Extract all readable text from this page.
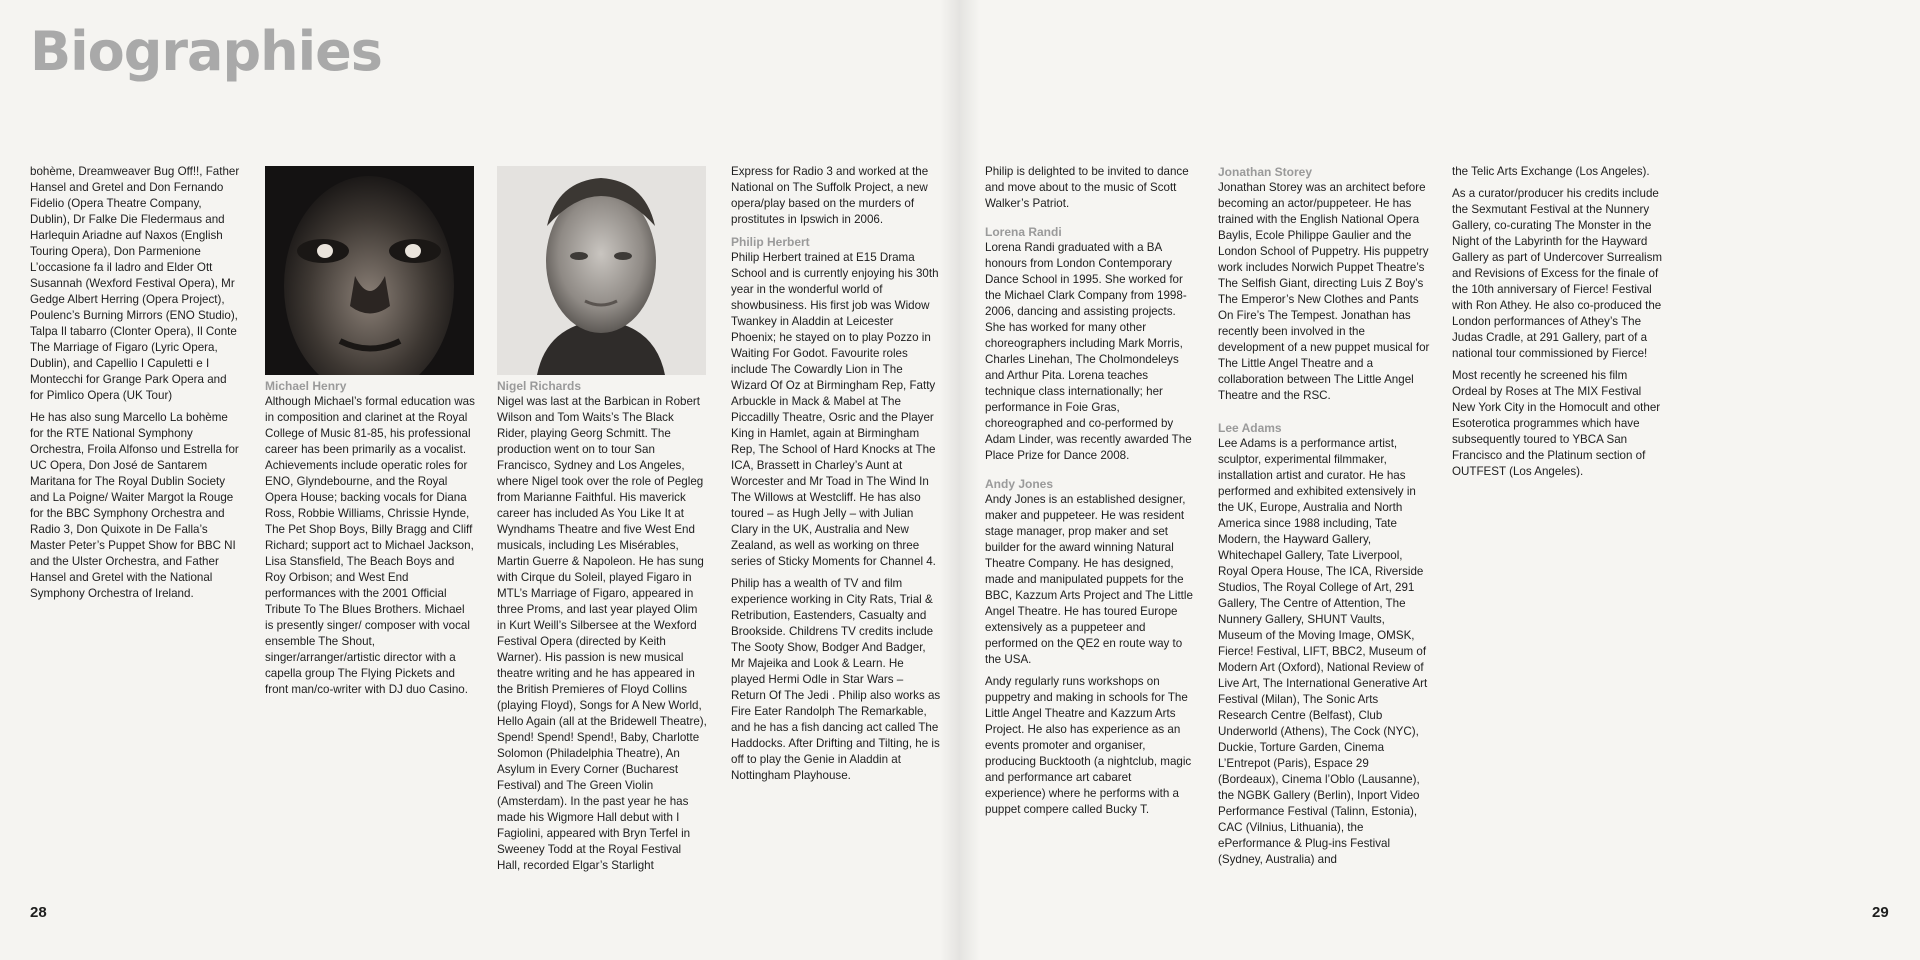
Biographies

bohème, Dreamweaver Bug Off!!, Father Hansel and Gretel and Don Fernando Fidelio (Opera Theatre Company, Dublin), Dr Falke Die Fledermaus and Harlequin Ariadne auf Naxos (English Touring Opera), Don Parmenione L’occasione fa il ladro and Elder Ott Susannah (Wexford Festival Opera), Mr Gedge Albert Herring (Opera Project), Poulenc’s Burning Mirrors (ENO Studio), Talpa Il tabarro (Clonter Opera), Il Conte The Marriage of Figaro (Lyric Opera, Dublin), and Capellio I Capuletti e I Montecchi for Grange Park Opera and for Pimlico Opera (UK Tour)

He has also sung Marcello La bohème for the RTE National Symphony Orchestra, Froila Alfonso und Estrella for UC Opera, Don José de Santarem Maritana for The Royal Dublin Society and La Poigne/ Waiter Margot la Rouge for the BBC Symphony Orchestra and Radio 3, Don Quixote in De Falla’s Master Peter’s Puppet Show for BBC NI and the Ulster Orchestra, and Father Hansel and Gretel with the National Symphony Orchestra of Ireland.

Michael Henry

Although Michael’s formal education was in composition and clarinet at the Royal College of Music 81-85, his professional career has been primarily as a vocalist. Achievements include operatic roles for ENO, Glyndebourne, and the Royal Opera House; backing vocals for Diana Ross, Robbie Williams, Chrissie Hynde, The Pet Shop Boys, Billy Bragg and Cliff Richard; support act to Michael Jackson, Lisa Stansfield, The Beach Boys and Roy Orbison; and West End performances with the 2001 Official Tribute To The Blues Brothers. Michael is presently singer/ composer with vocal ensemble The Shout, singer/arranger/artistic director with a capella group The Flying Pickets and front man/co-writer with DJ duo Casino.

Nigel Richards

Nigel was last at the Barbican in Robert Wilson and Tom Waits’s The Black Rider, playing Georg Schmitt. The production went on to tour San Francisco, Sydney and Los Angeles, where Nigel took over the role of Pegleg from Marianne Faithful. His maverick career has included As You Like It at Wyndhams Theatre and five West End musicals, including Les Misérables, Martin Guerre & Napoleon. He has sung with Cirque du Soleil, played Figaro in MTL’s Marriage of Figaro, appeared in three Proms, and last year played Olim in Kurt Weill’s Silbersee at the Wexford Festival Opera (directed by Keith Warner). His passion is new musical theatre writing and he has appeared in the British Premieres of Floyd Collins (playing Floyd), Songs for A New World, Hello Again (all at the Bridewell Theatre), Spend! Spend! Spend!, Baby, Charlotte Solomon (Philadelphia Theatre), An Asylum in Every Corner (Bucharest Festival) and The Green Violin (Amsterdam). In the past year he has made his Wigmore Hall debut with I Fagiolini, appeared with Bryn Terfel in Sweeney Todd at the Royal Festival Hall, recorded Elgar’s Starlight

Express for Radio 3 and worked at the National on The Suffolk Project, a new opera/play based on the murders of prostitutes in Ipswich in 2006.

Philip Herbert

Philip Herbert trained at E15 Drama School and is currently enjoying his 30th year in the wonderful world of showbusiness. His first job was Widow Twankey in Aladdin at Leicester Phoenix; he stayed on to play Pozzo in Waiting For Godot. Favourite roles include The Cowardly Lion in The Wizard Of Oz at Birmingham Rep, Fatty Arbuckle in Mack & Mabel at The Piccadilly Theatre, Osric and the Player King in Hamlet, again at Birmingham Rep, The School of Hard Knocks at The ICA, Brassett in Charley’s Aunt at Worcester and Mr Toad in The Wind In The Willows at Westcliff. He has also toured – as Hugh Jelly – with Julian Clary in the UK, Australia and New Zealand, as well as working on three series of Sticky Moments for Channel 4.

Philip has a wealth of TV and film experience working in City Rats, Trial & Retribution, Eastenders, Casualty and Brookside. Childrens TV credits include The Sooty Show, Bodger And Badger, Mr Majeika and Look & Learn. He played Hermi Odle in Star Wars – Return Of The Jedi . Philip also works as Fire Eater Randolph The Remarkable, and he has a fish dancing act called The Haddocks. After Drifting and Tilting, he is off to play the Genie in Aladdin at Nottingham Playhouse.

Philip is delighted to be invited to dance and move about to the music of Scott Walker’s Patriot.

Lorena Randi

Lorena Randi graduated with a BA honours from London Contemporary Dance School in 1995. She worked for the Michael Clark Company from 1998-2006, dancing and assisting projects. She has worked for many other choreographers including Mark Morris, Charles Linehan, The Cholmondeleys and Arthur Pita. Lorena teaches technique class internationally; her performance in Foie Gras, choreographed and co-performed by Adam Linder, was recently awarded The Place Prize for Dance 2008.

Andy Jones

Andy Jones is an established designer, maker and puppeteer. He was resident stage manager, prop maker and set builder for the award winning Natural Theatre Company. He has designed, made and manipulated puppets for the BBC, Kazzum Arts Project and The Little Angel Theatre. He has toured Europe extensively as a puppeteer and performed on the QE2 en route way to the USA.

Andy regularly runs workshops on puppetry and making in schools for The Little Angel Theatre and Kazzum Arts Project. He also has experience as an events promoter and organiser, producing Bucktooth (a nightclub, magic and performance art cabaret experience) where he performs with a puppet compere called Bucky T.

Jonathan Storey

Jonathan Storey was an architect before becoming an actor/puppeteer. He has trained with the English National Opera Baylis, Ecole Philippe Gaulier and the London School of Puppetry. His puppetry work includes Norwich Puppet Theatre’s The Selfish Giant, directing Luis Z Boy’s The Emperor’s New Clothes and Pants On Fire’s The Tempest. Jonathan has recently been involved in the development of a new puppet musical for The Little Angel Theatre and a collaboration between The Little Angel Theatre and the RSC.

Lee Adams

Lee Adams is a performance artist, sculptor, experimental filmmaker, installation artist and curator. He has performed and exhibited extensively in the UK, Europe, Australia and North America since 1988 including, Tate Modern, the Hayward Gallery, Whitechapel Gallery, Tate Liverpool, Royal Opera House, The ICA, Riverside Studios, The Royal College of Art, 291 Gallery, The Centre of Attention, The Nunnery Gallery, SHUNT Vaults, Museum of the Moving Image, OMSK, Fierce! Festival, LIFT, BBC2, Museum of Modern Art (Oxford), National Review of Live Art, The International Generative Art Festival (Milan), The Sonic Arts Research Centre (Belfast), Club Underworld (Athens), The Cock (NYC), Duckie, Torture Garden, Cinema L’Entrepot (Paris), Espace 29 (Bordeaux), Cinema l’Oblo (Lausanne), the NGBK Gallery (Berlin), Inport Video Performance Festival (Talinn, Estonia), CAC (Vilnius, Lithuania), the ePerformance & Plug-ins Festival (Sydney, Australia) and

the Telic Arts Exchange (Los Angeles).

As a curator/producer his credits include the Sexmutant Festival at the Nunnery Gallery, co-curating The Monster in the Night of the Labyrinth for the Hayward Gallery as part of Undercover Surrealism and Revisions of Excess for the finale of the 10th anniversary of Fierce! Festival with Ron Athey. He also co-produced the London performances of Athey’s The Judas Cradle, at 291 Gallery, part of a national tour commissioned by Fierce!

Most recently he screened his film Ordeal by Roses at The MIX Festival New York City in the Homocult and other Esoterotica programmes which have subsequently toured to YBCA San Francisco and the Platinum section of OUTFEST (Los Angeles).

28	29
